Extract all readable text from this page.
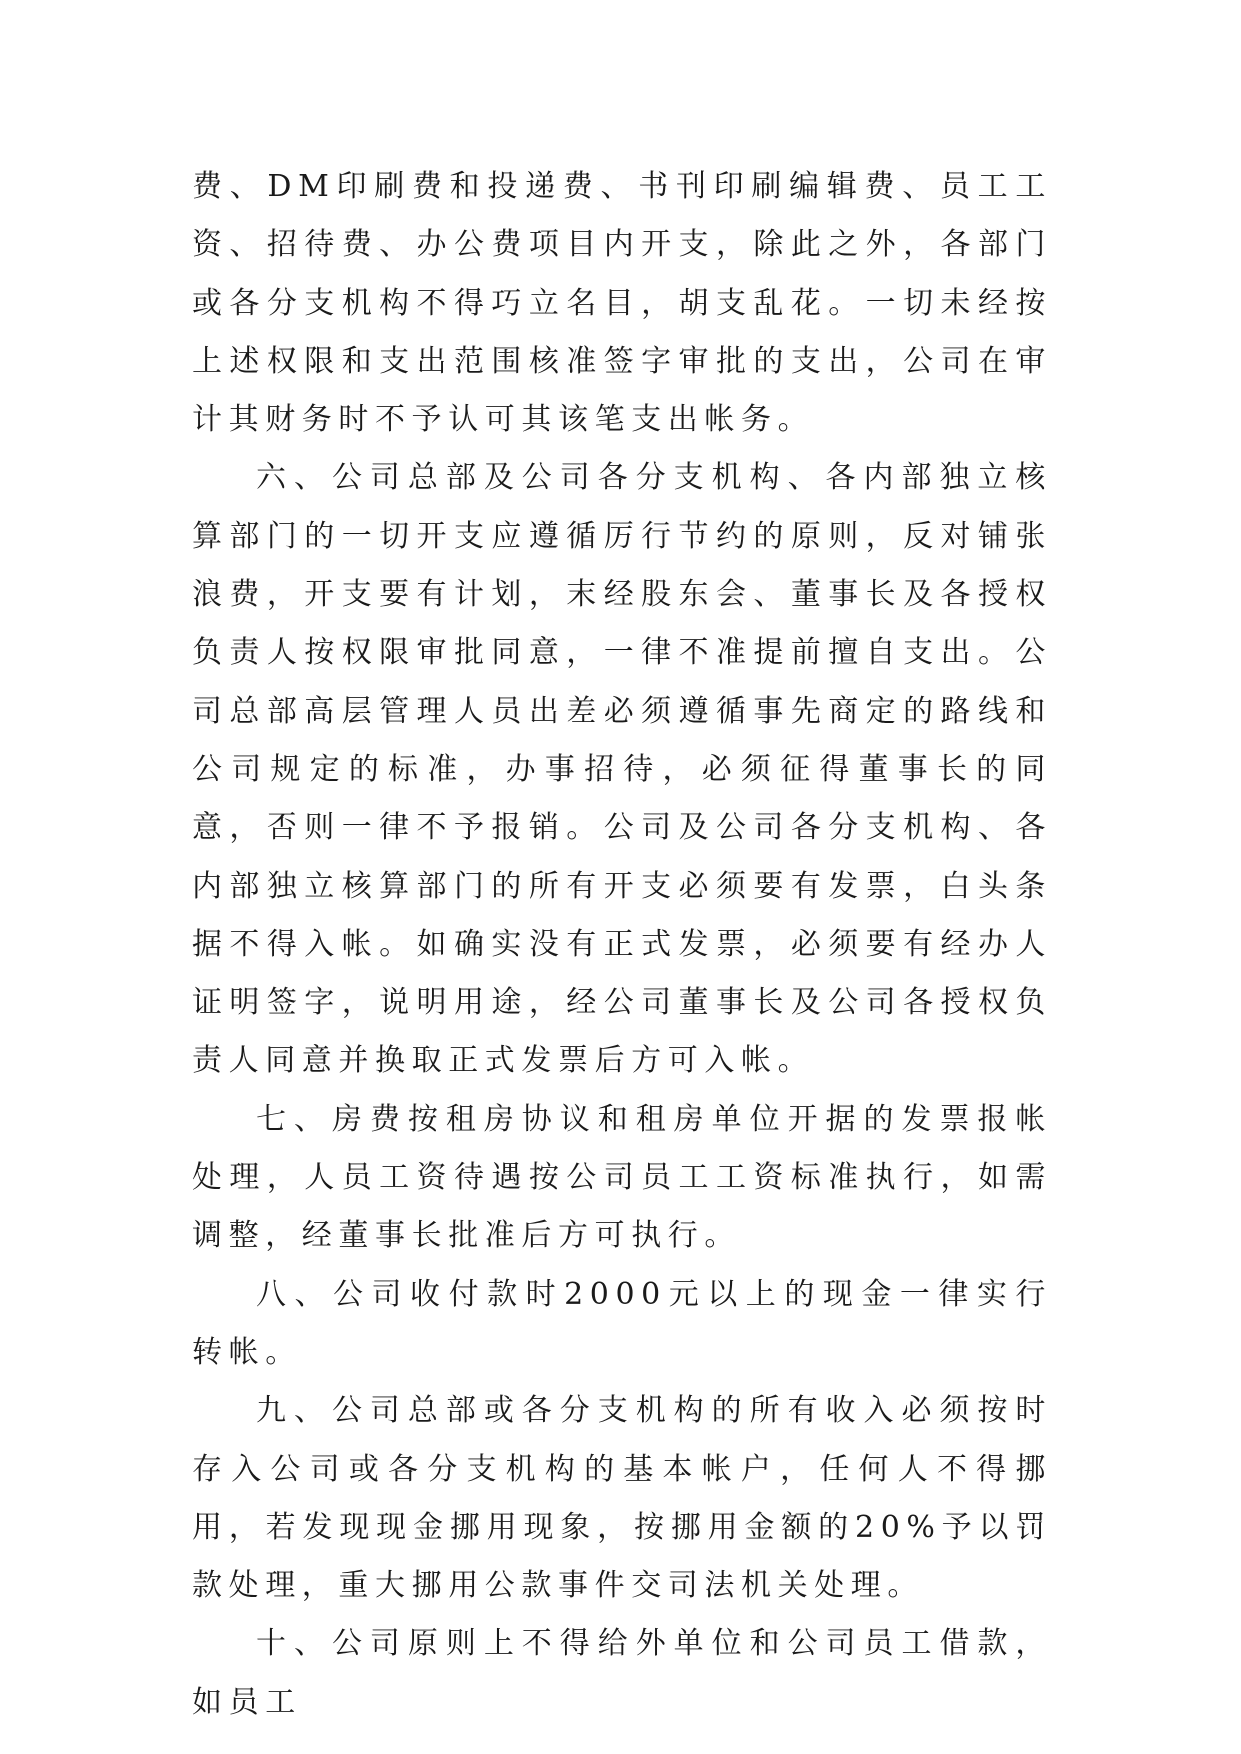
费、DM印刷费和投递费、书刊印刷编辑费、员工工资、招待费、办公费项目内开支，除此之外，各部门或各分支机构不得巧立名目，胡支乱花。一切未经按上述权限和支出范围核准签字审批的支出，公司在审计其财务时不予认可其该笔支出帐务。

六、公司总部及公司各分支机构、各内部独立核算部门的一切开支应遵循厉行节约的原则，反对铺张浪费，开支要有计划，末经股东会、董事长及各授权负责人按权限审批同意，一律不准提前擅自支出。公司总部高层管理人员出差必须遵循事先商定的路线和公司规定的标准，办事招待，必须征得董事长的同意，否则一律不予报销。公司及公司各分支机构、各内部独立核算部门的所有开支必须要有发票，白头条据不得入帐。如确实没有正式发票，必须要有经办人证明签字，说明用途，经公司董事长及公司各授权负责人同意并换取正式发票后方可入帐。

七、房费按租房协议和租房单位开据的发票报帐处理，人员工资待遇按公司员工工资标准执行，如需调整，经董事长批准后方可执行。

八、公司收付款时2000元以上的现金一律实行转帐。

九、公司总部或各分支机构的所有收入必须按时存入公司或各分支机构的基本帐户，任何人不得挪用，若发现现金挪用现象，按挪用金额的20%予以罚款处理，重大挪用公款事件交司法机关处理。

十、公司原则上不得给外单位和公司员工借款，如员工
